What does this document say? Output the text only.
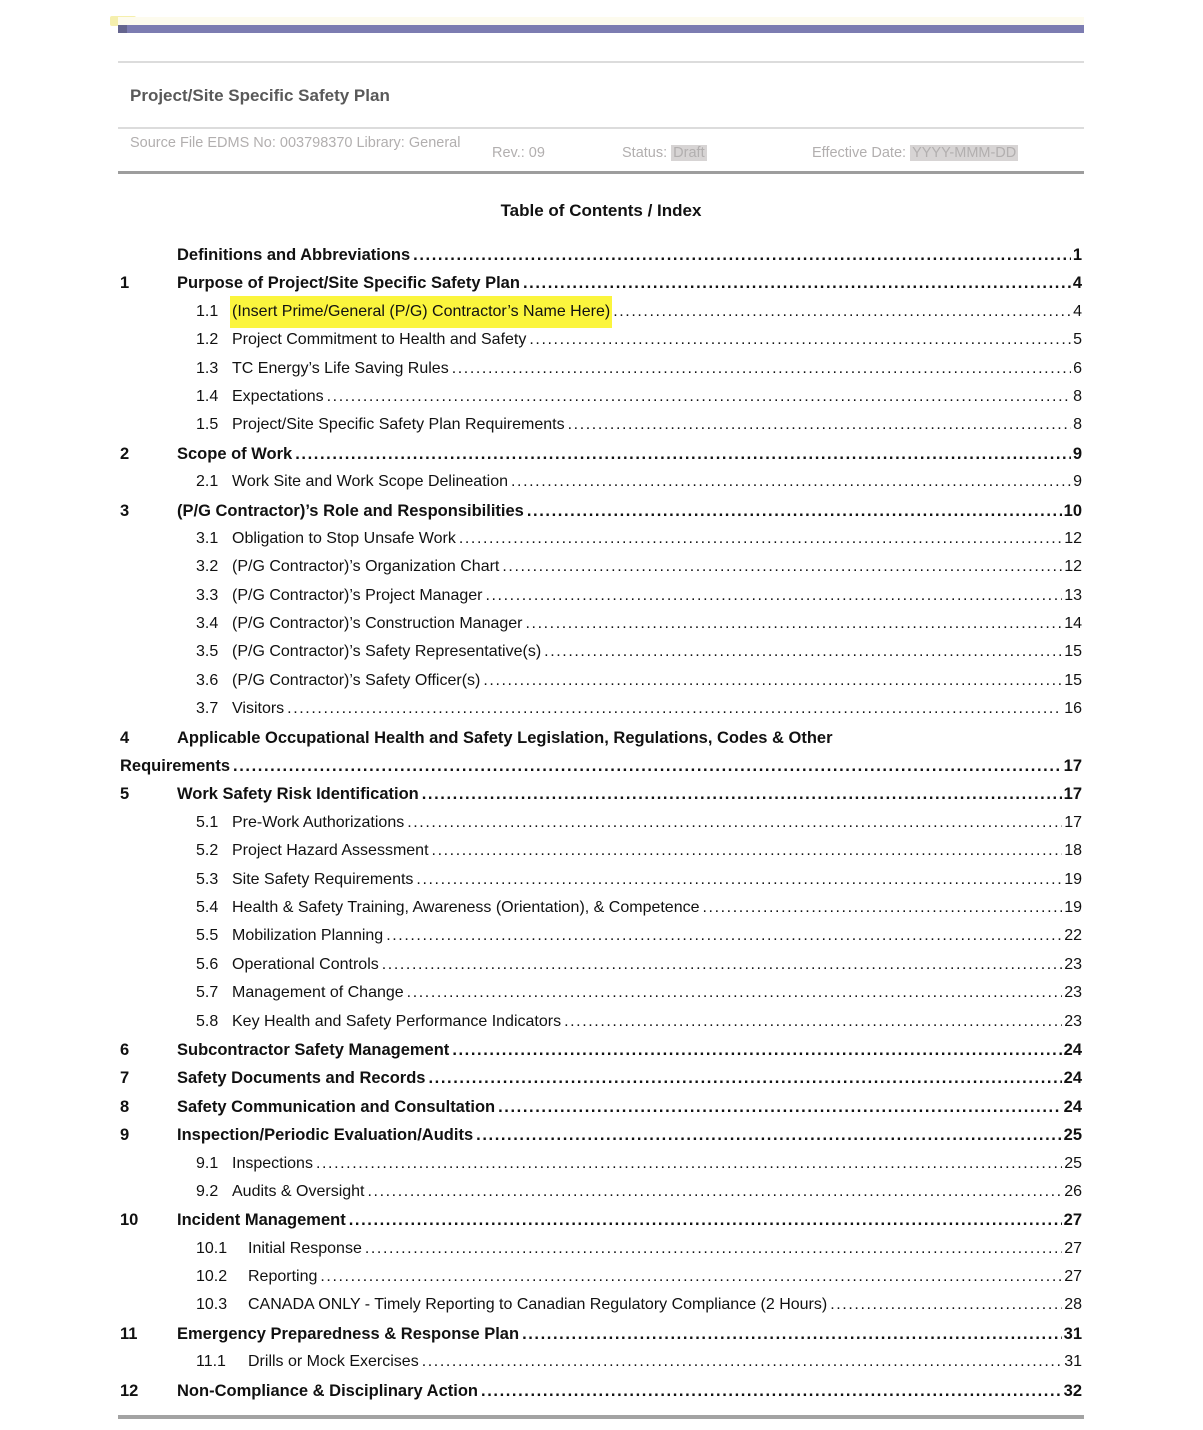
Project/Site Specific Safety Plan
Source File EDMS No: 003798370 Library: General
Rev.: 09	Status: Draft	Effective Date: YYYY-MMM-DD
Table of Contents / Index
Definitions and Abbreviations .....	1
1	Purpose of Project/Site Specific Safety Plan .....	4
1.1 (Insert Prime/General (P/G) Contractor’s Name Here) .....	4
1.2 Project Commitment to Health and Safety .....	5
1.3 TC Energy’s Life Saving Rules .....	6
1.4 Expectations .....	8
1.5 Project/Site Specific Safety Plan Requirements .....	8
2	Scope of Work .....	9
2.1 Work Site and Work Scope Delineation .....	9
3	(P/G Contractor)’s Role and Responsibilities .....	10
3.1 Obligation to Stop Unsafe Work .....	12
3.2 (P/G Contractor)’s Organization Chart .....	12
3.3 (P/G Contractor)’s Project Manager .....	13
3.4 (P/G Contractor)’s Construction Manager .....	14
3.5 (P/G Contractor)’s Safety Representative(s) .....	15
3.6 (P/G Contractor)’s Safety Officer(s) .....	15
3.7 Visitors .....	16
4	Applicable Occupational Health and Safety Legislation, Regulations, Codes & Other
Requirements .....	17
5	Work Safety Risk Identification .....	17
5.1 Pre-Work Authorizations .....	17
5.2 Project Hazard Assessment .....	18
5.3 Site Safety Requirements .....	19
5.4 Health & Safety Training, Awareness (Orientation), & Competence .....	19
5.5 Mobilization Planning .....	22
5.6 Operational Controls .....	23
5.7 Management of Change .....	23
5.8 Key Health and Safety Performance Indicators .....	23
6	Subcontractor Safety Management .....	24
7	Safety Documents and Records .....	24
8	Safety Communication and Consultation .....	24
9	Inspection/Periodic Evaluation/Audits .....	25
9.1 Inspections .....	25
9.2 Audits & Oversight .....	26
10	Incident Management .....	27
10.1	Initial Response .....	27
10.2	Reporting .....	27
10.3	CANADA ONLY - Timely Reporting to Canadian Regulatory Compliance (2 Hours) .....	28
11	Emergency Preparedness & Response Plan .....	31
11.1	Drills or Mock Exercises .....	31
12	Non-Compliance & Disciplinary Action .....	32
